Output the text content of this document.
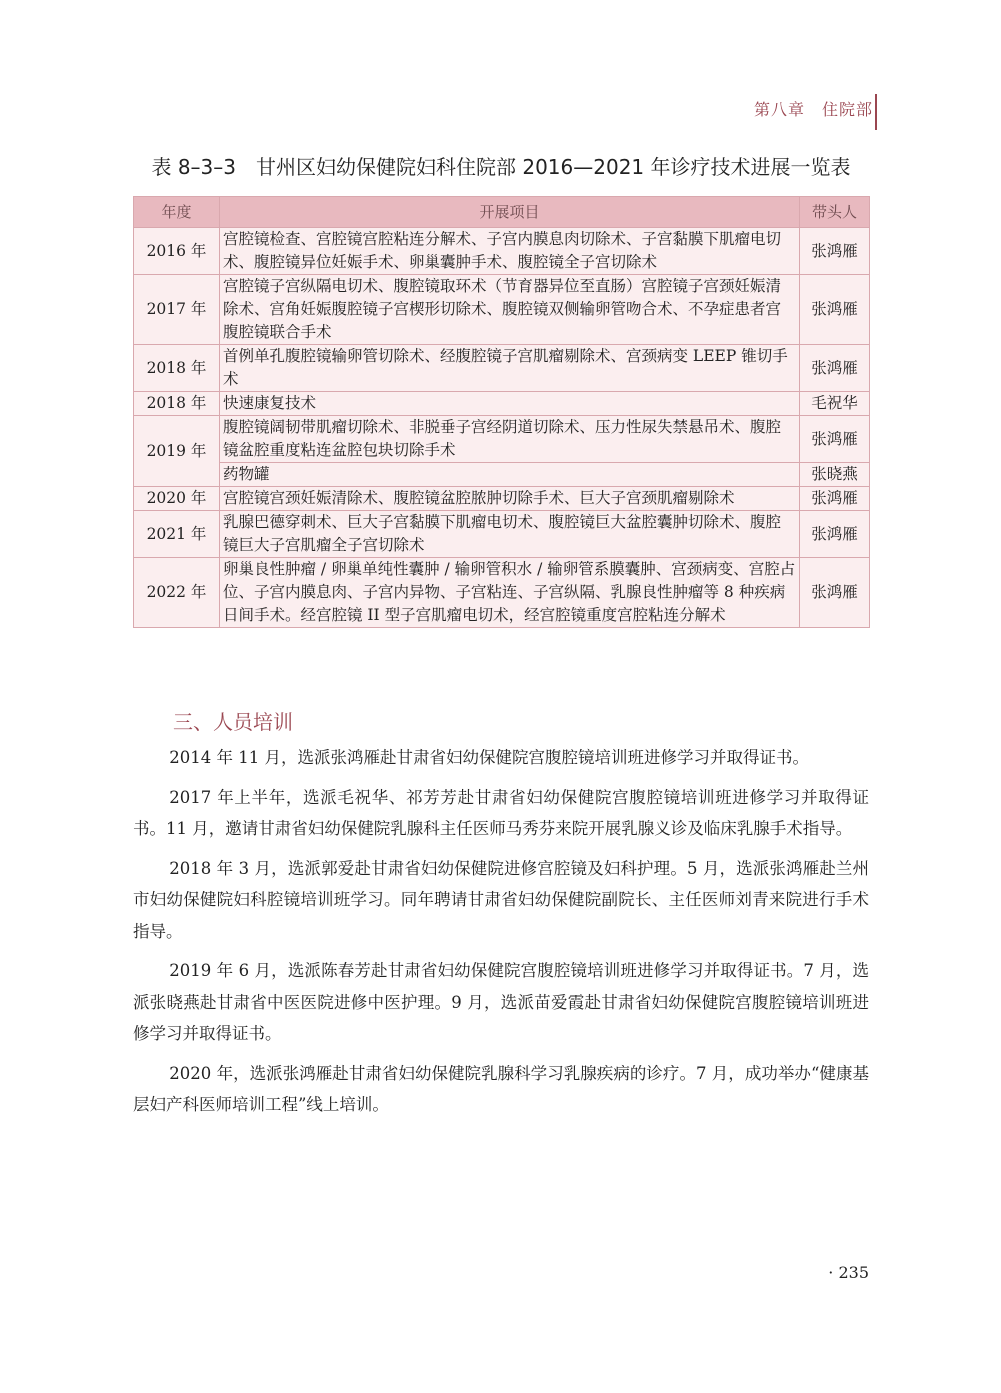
第八章　住院部
表 8–3–3　甘州区妇幼保健院妇科住院部 2016—2021 年诊疗技术进展一览表
年度	开展项目	带头人
2016 年	宫腔镜检查、宫腔镜宫腔粘连分解术、子宫内膜息肉切除术、子宫黏膜下肌瘤电切术、腹腔镜异位妊娠手术、卵巢囊肿手术、腹腔镜全子宫切除术	张鸿雁
2017 年	宫腔镜子宫纵隔电切术、腹腔镜取环术（节育器异位至直肠）宫腔镜子宫颈妊娠清除术、宫角妊娠腹腔镜子宫楔形切除术、腹腔镜双侧输卵管吻合术、不孕症患者宫腹腔镜联合手术	张鸿雁
2018 年	首例单孔腹腔镜输卵管切除术、经腹腔镜子宫肌瘤剔除术、宫颈病变 LEEP 锥切手术	张鸿雁
2018 年	快速康复技术	毛祝华
2019 年	腹腔镜阔韧带肌瘤切除术、非脱垂子宫经阴道切除术、压力性尿失禁悬吊术、腹腔镜盆腔重度粘连盆腔包块切除手术	张鸿雁
	药物罐	张晓燕
2020 年	宫腔镜宫颈妊娠清除术、腹腔镜盆腔脓肿切除手术、巨大子宫颈肌瘤剔除术	张鸿雁
2021 年	乳腺巴德穿刺术、巨大子宫黏膜下肌瘤电切术、腹腔镜巨大盆腔囊肿切除术、腹腔镜巨大子宫肌瘤全子宫切除术	张鸿雁
2022 年	卵巢良性肿瘤 / 卵巢单纯性囊肿 / 输卵管积水 / 输卵管系膜囊肿、宫颈病变、宫腔占位、子宫内膜息肉、子宫内异物、子宫粘连、子宫纵隔、乳腺良性肿瘤等 8 种疾病日间手术。经宫腔镜 II 型子宫肌瘤电切术，经宫腔镜重度宫腔粘连分解术	张鸿雁
三、人员培训

2014 年 11 月，选派张鸿雁赴甘肃省妇幼保健院宫腹腔镜培训班进修学习并取得证书。

2017 年上半年，选派毛祝华、祁芳芳赴甘肃省妇幼保健院宫腹腔镜培训班进修学习并取得证书。11 月，邀请甘肃省妇幼保健院乳腺科主任医师马秀芬来院开展乳腺义诊及临床乳腺手术指导。

2018 年 3 月，选派郭爱赴甘肃省妇幼保健院进修宫腔镜及妇科护理。5 月，选派张鸿雁赴兰州市妇幼保健院妇科腔镜培训班学习。同年聘请甘肃省妇幼保健院副院长、主任医师刘青来院进行手术指导。

2019 年 6 月，选派陈春芳赴甘肃省妇幼保健院宫腹腔镜培训班进修学习并取得证书。7 月，选派张晓燕赴甘肃省中医医院进修中医护理。9 月，选派苗爱霞赴甘肃省妇幼保健院宫腹腔镜培训班进修学习并取得证书。

2020 年，选派张鸿雁赴甘肃省妇幼保健院乳腺科学习乳腺疾病的诊疗。7 月，成功举办“健康基层妇产科医师培训工程”线上培训。

· 235
